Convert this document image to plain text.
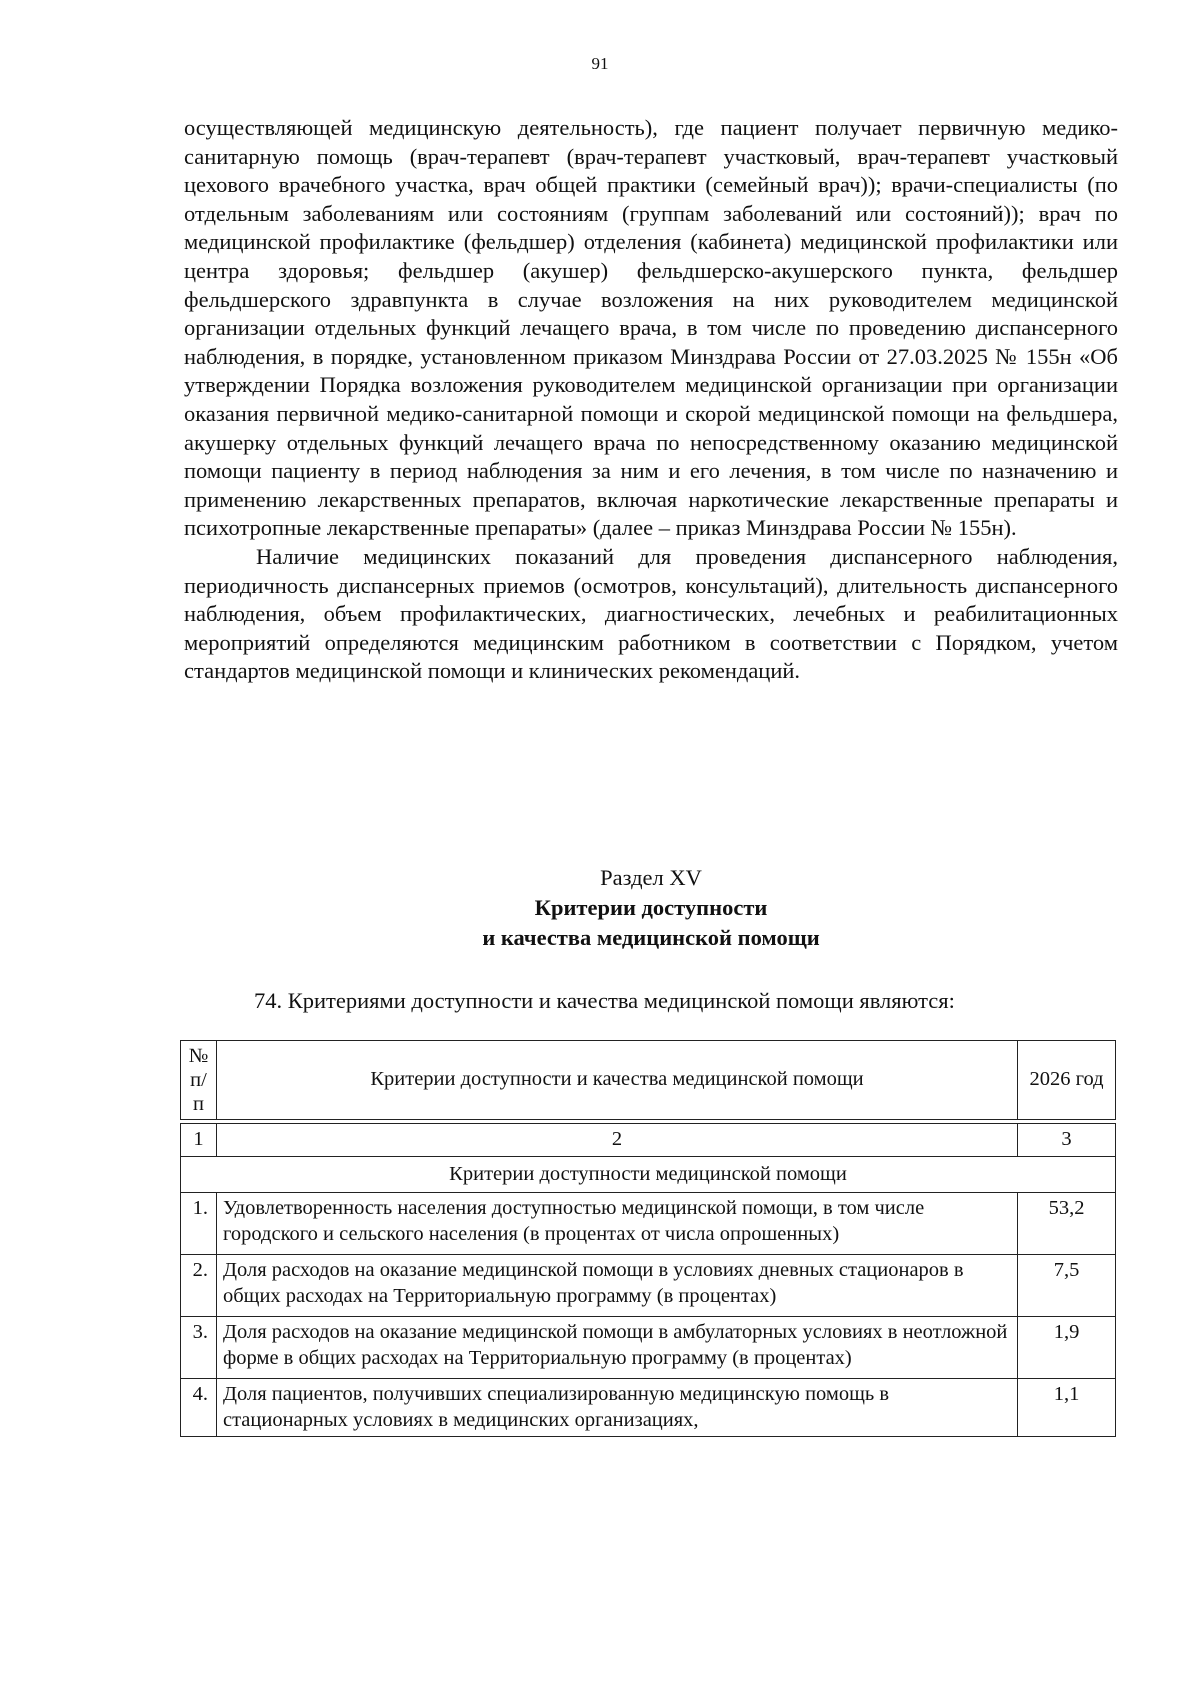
91

осуществляющей медицинскую деятельность), где пациент получает первичную медико-санитарную помощь (врач-терапевт (врач-терапевт участковый, врач-терапевт участковый цехового врачебного участка, врач общей практики (семейный врач)); врачи-специалисты (по отдельным заболеваниям или состояниям (группам заболеваний или состояний)); врач по медицинской профилактике (фельдшер) отделения (кабинета) медицинской профилактики или центра здоровья; фельдшер (акушер) фельдшерско-акушерского пункта, фельдшер фельдшерского здравпункта в случае возложения на них руководителем медицинской организации отдельных функций лечащего врача, в том числе по проведению диспансерного наблюдения, в порядке, установленном приказом Минздрава России от 27.03.2025 № 155н «Об утверждении Порядка возложения руководителем медицинской организации при организации оказания первичной медико-санитарной помощи и скорой медицинской помощи на фельдшера, акушерку отдельных функций лечащего врача по непосредственному оказанию медицинской помощи пациенту в период наблюдения за ним и его лечения, в том числе по назначению и применению лекарственных препаратов, включая наркотические лекарственные препараты и психотропные лекарственные препараты» (далее – приказ Минздрава России № 155н).

Наличие медицинских показаний для проведения диспансерного наблюдения, периодичность диспансерных приемов (осмотров, консультаций), длительность диспансерного наблюдения, объем профилактических, диагностических, лечебных и реабилитационных мероприятий определяются медицинским работником в соответствии с Порядком, учетом стандартов медицинской помощи и клинических рекомендаций.

Раздел XV
Критерии доступности
и качества медицинской помощи
74. Критериями доступности и качества медицинской помощи являются:
№
п/п	Критерии доступности и качества медицинской помощи	2026 год

1	2	3
Критерии доступности медицинской помощи		
1.	Удовлетворенность населения доступностью медицинской помощи, в том числе городского и сельского населения (в процентах от числа опрошенных)	53,2
2.	Доля расходов на оказание медицинской помощи в условиях дневных стационаров в общих расходах на Территориальную программу (в процентах)	7,5
3.	Доля расходов на оказание медицинской помощи в амбулаторных условиях в неотложной форме в общих расходах на Территориальную программу (в процентах)	1,9
4.	Доля пациентов, получивших специализированную медицинскую помощь в стационарных условиях в медицинских организациях,	1,1
